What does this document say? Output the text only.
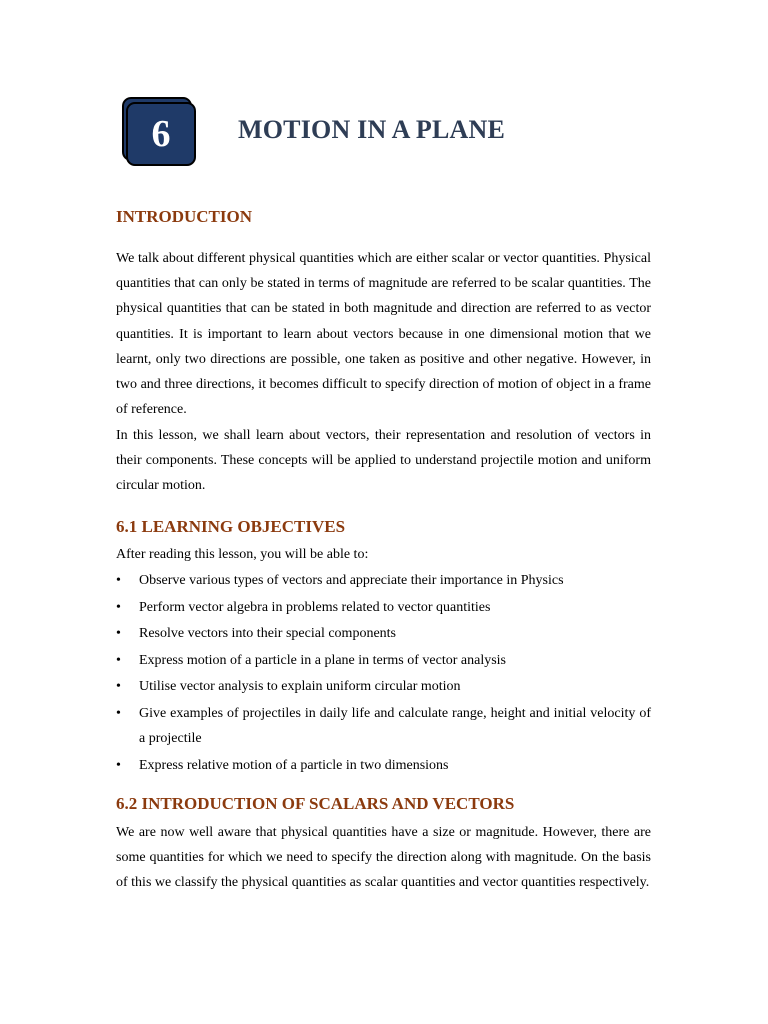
6	MOTION IN A PLANE
INTRODUCTION

We talk about different physical quantities which are either scalar or vector quantities. Physical quantities that can only be stated in terms of magnitude are referred to be scalar quantities. The physical quantities that can be stated in both magnitude and direction are referred to as vector quantities. It is important to learn about vectors because in one dimensional motion that we learnt, only two directions are possible, one taken as positive and other negative. However, in two and three directions, it becomes difficult to specify direction of motion of object in a frame of reference.

In this lesson, we shall learn about vectors, their representation and resolution of vectors in their components. These concepts will be applied to understand projectile motion and uniform circular motion.

6.1 LEARNING OBJECTIVES

After reading this lesson, you will be able to:

• Observe various types of vectors and appreciate their importance in Physics
• Perform vector algebra in problems related to vector quantities
• Resolve vectors into their special components
• Express motion of a particle in a plane in terms of vector analysis
• Utilise vector analysis to explain uniform circular motion
• Give examples of projectiles in daily life and calculate range, height and initial velocity of a projectile
• Express relative motion of a particle in two dimensions
6.2 INTRODUCTION OF SCALARS AND VECTORS

We are now well aware that physical quantities have a size or magnitude. However, there are some quantities for which we need to specify the direction along with magnitude. On the basis of this we classify the physical quantities as scalar quantities and vector quantities respectively.
